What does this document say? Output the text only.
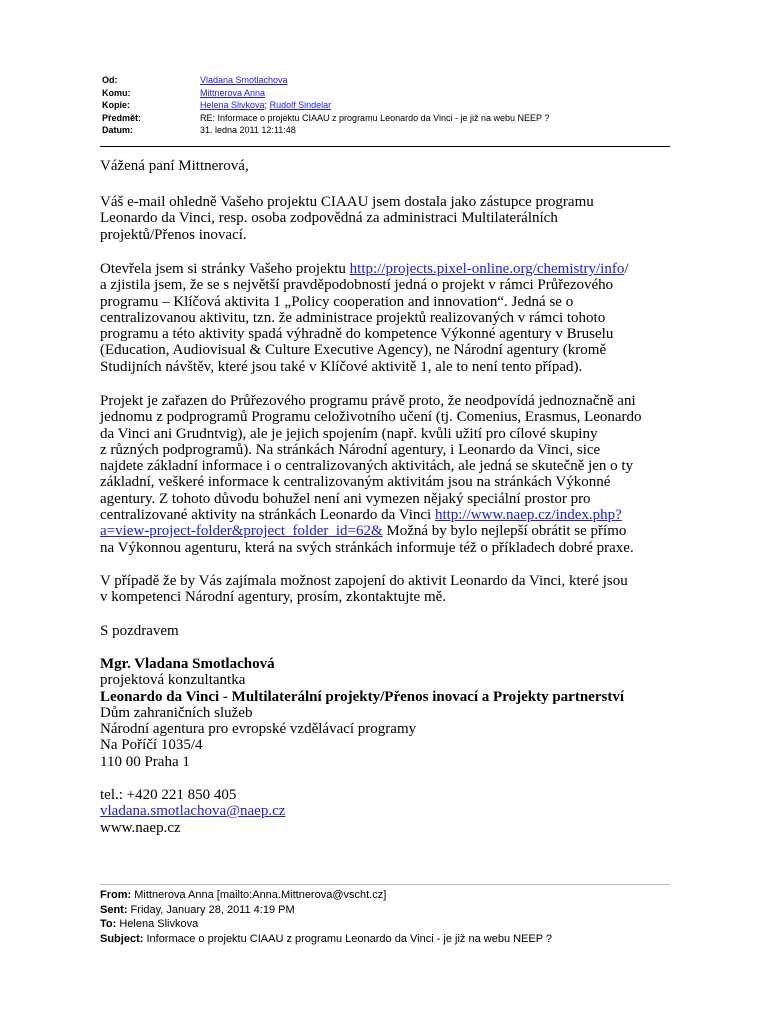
Od:	Vladana Smotlachova
Komu:	Mittnerova Anna
Kopie:	Helena Slivkova; Rudolf Sindelar
Předmět:	RE: Informace o projektu CIAAU z programu Leonardo da Vinci - je již na webu NEEP ?
Datum:	31. ledna 2011 12:11:48
Vážená paní Mittnerová,
Váš e-mail ohledně Vašeho projektu CIAAU jsem dostala jako zástupce programu
Leonardo da Vinci, resp. osoba zodpovědná za administraci Multilaterálních
projektů/Přenos inovací.
Otevřela jsem si stránky Vašeho projektu http://projects.pixel-online.org/chemistry/info/
a zjistila jsem, že se s největší pravděpodobností jedná o projekt v rámci Průřezového
programu – Klíčová aktivita 1 „Policy cooperation and innovation“. Jedná se o
centralizovanou aktivitu, tzn. že administrace projektů realizovaných v rámci tohoto
programu a této aktivity spadá výhradně do kompetence Výkonné agentury v Bruselu
(Education, Audiovisual & Culture Executive Agency), ne Národní agentury (kromě
Studijních návštěv, které jsou také v Klíčové aktivitě 1, ale to není tento případ).
Projekt je zařazen do Průřezového programu právě proto, že neodpovídá jednoznačně ani
jednomu z podprogramů Programu celoživotního učení (tj. Comenius, Erasmus, Leonardo
da Vinci ani Grudntvig), ale je jejich spojením (např. kvůli užití pro cílové skupiny
z různých podprogramů). Na stránkách Národní agentury, i Leonardo da Vinci, sice
najdete základní informace i o centralizovaných aktivitách, ale jedná se skutečně jen o ty
základní, veškeré informace k centralizovaným aktivitám jsou na stránkách Výkonné
agentury. Z tohoto důvodu bohužel není ani vymezen nějaký speciální prostor pro
centralizované aktivity na stránkách Leonardo da Vinci http://www.naep.cz/index.php?
a=view-project-folder&project_folder_id=62& Možná by bylo nejlepší obrátit se přímo
na Výkonnou agenturu, která na svých stránkách informuje též o příkladech dobré praxe.
V případě že by Vás zajímala možnost zapojení do aktivit Leonardo da Vinci, které jsou
v kompetenci Národní agentury, prosím, zkontaktujte mě.
S pozdravem
Mgr. Vladana Smotlachová
projektová konzultantka
Leonardo da Vinci - Multilaterální projekty/Přenos inovací a Projekty partnerství
Dům zahraničních služeb
Národní agentura pro evropské vzdělávací programy
Na Poříčí 1035/4
110 00 Praha 1
tel.: +420 221 850 405
vladana.smotlachova@naep.cz
www.naep.cz
From: Mittnerova Anna [mailto:Anna.Mittnerova@vscht.cz]
Sent: Friday, January 28, 2011 4:19 PM
To: Helena Slivkova
Subject: Informace o projektu CIAAU z programu Leonardo da Vinci - je již na webu NEEP ?
